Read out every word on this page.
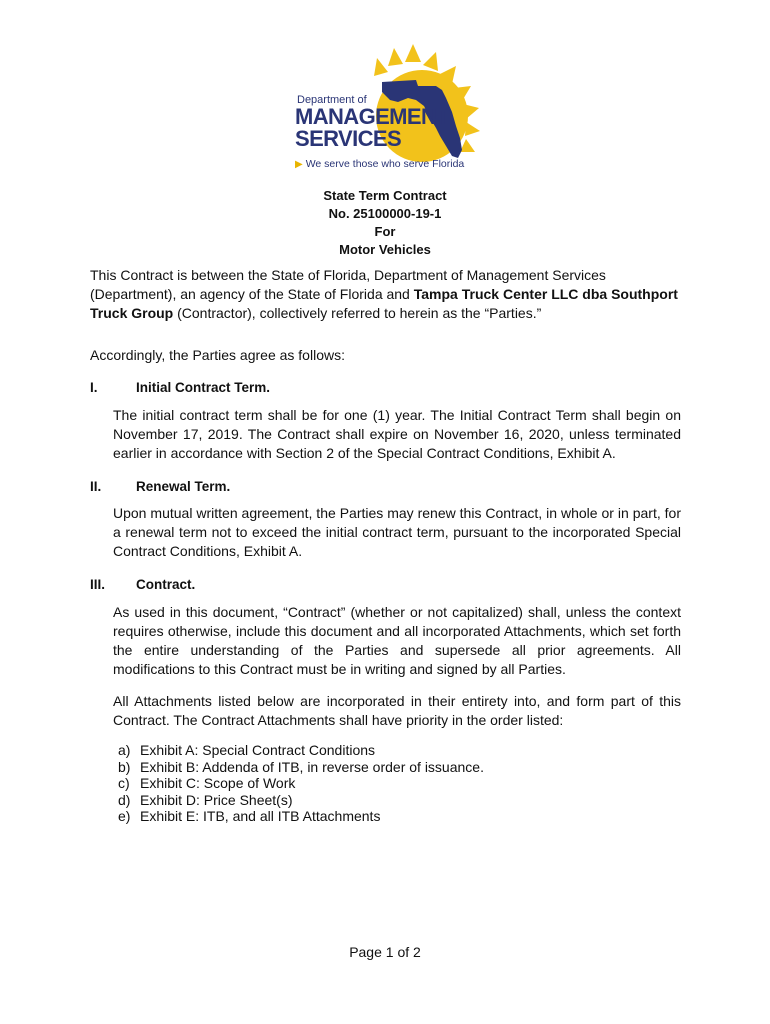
Department of
MANAGEMENT
SERVICES
▶ We serve those who serve Florida
State Term Contract
No. 25100000-19-1
For
Motor Vehicles

This Contract is between the State of Florida, Department of Management Services (Department), an agency of the State of Florida and Tampa Truck Center LLC dba Southport Truck Group (Contractor), collectively referred to herein as the “Parties.”

Accordingly, the Parties agree as follows:

I.	Initial Contract Term.

The initial contract term shall be for one (1) year. The Initial Contract Term shall begin on November 17, 2019. The Contract shall expire on November 16, 2020, unless terminated earlier in accordance with Section 2 of the Special Contract Conditions, Exhibit A.

II.	Renewal Term.

Upon mutual written agreement, the Parties may renew this Contract, in whole or in part, for a renewal term not to exceed the initial contract term, pursuant to the incorporated Special Contract Conditions, Exhibit A.

III. Contract.

As used in this document, “Contract” (whether or not capitalized) shall, unless the context requires otherwise, include this document and all incorporated Attachments, which set forth the entire understanding of the Parties and supersede all prior agreements. All modifications to this Contract must be in writing and signed by all Parties.

All Attachments listed below are incorporated in their entirety into, and form part of this Contract. The Contract Attachments shall have priority in the order listed:

a) Exhibit A: Special Contract Conditions
b) Exhibit B: Addenda of ITB, in reverse order of issuance.
c) Exhibit C: Scope of Work
d) Exhibit D: Price Sheet(s)
e) Exhibit E: ITB, and all ITB Attachments
Page 1 of 2
